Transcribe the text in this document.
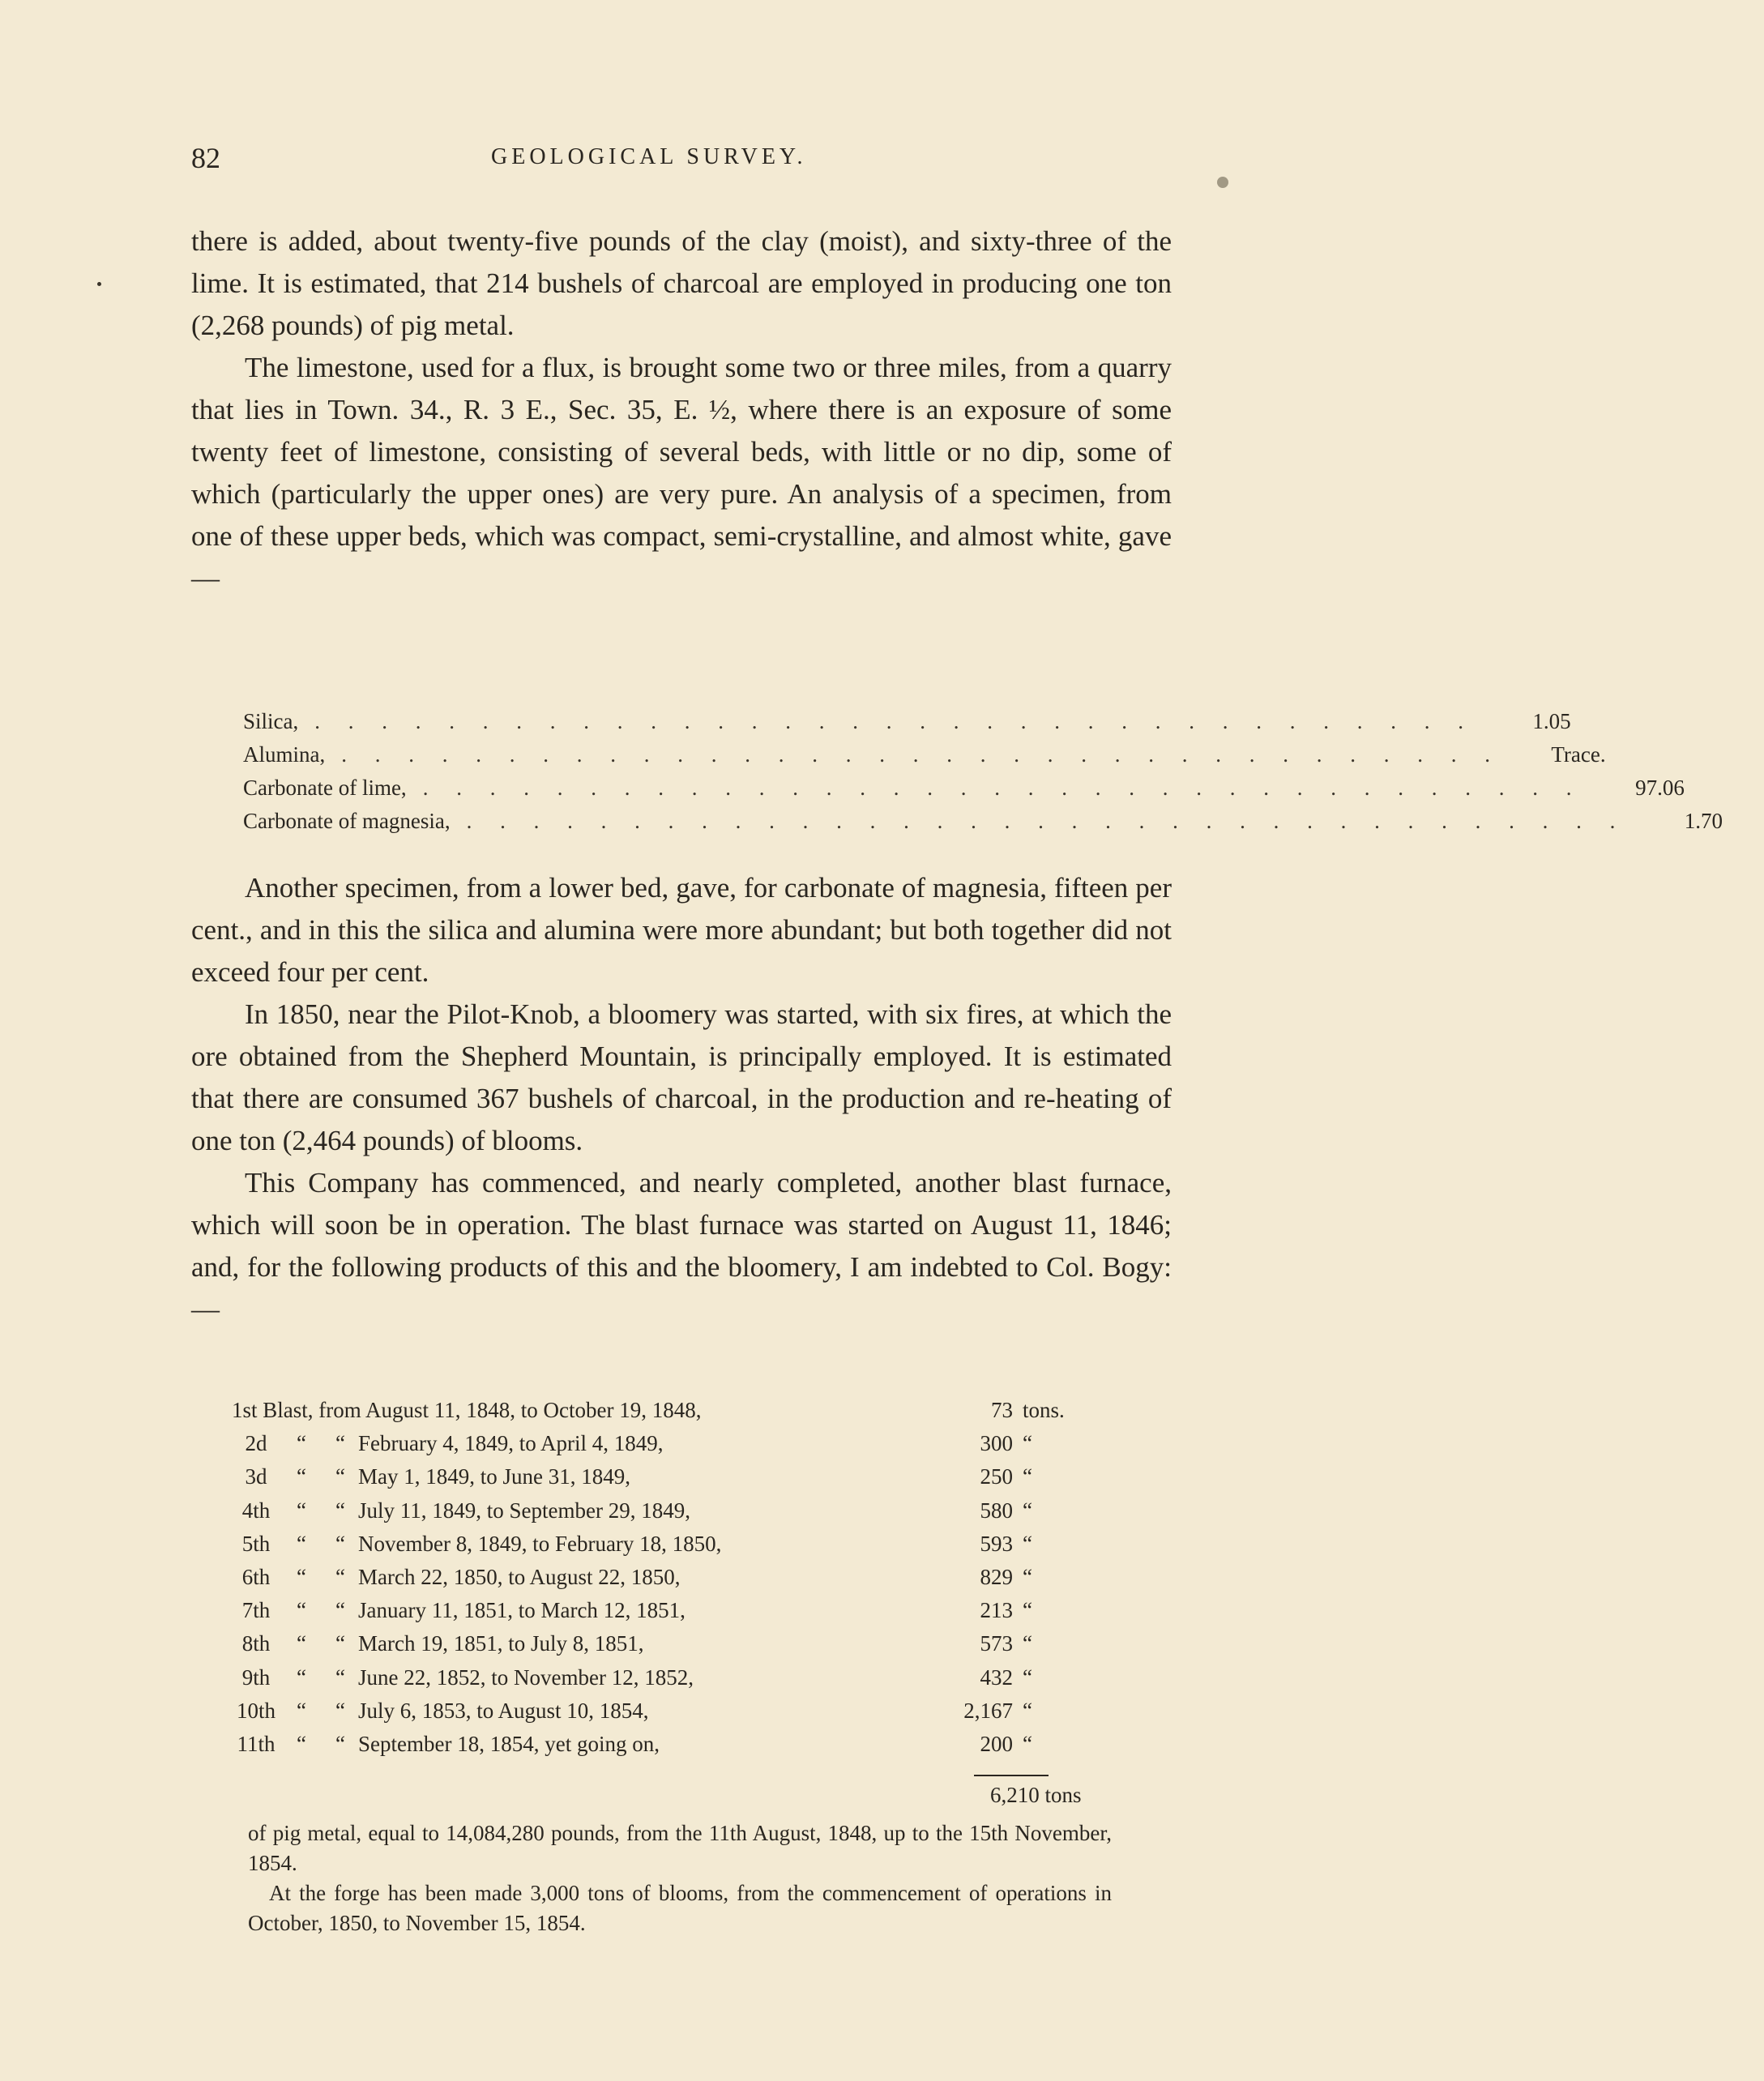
82	GEOLOGICAL SURVEY.

there is added, about twenty-five pounds of the clay (moist), and sixty-three of the lime. It is estimated, that 214 bushels of charcoal are employed in producing one ton (2,268 pounds) of pig metal.

The limestone, used for a flux, is brought some two or three miles, from a quarry that lies in Town. 34., R. 3 E., Sec. 35, E. ½, where there is an exposure of some twenty feet of limestone, consisting of several beds, with little or no dip, some of which (particularly the upper ones) are very pure. An analysis of a specimen, from one of these upper beds, which was compact, semi-crystalline, and almost white, gave —

Silica, . . . . . . . . . . . . . . . . . . . . . . . . . . . . . . . . . . .	1.05
Alumina, . . . . . . . . . . . . . . . . . . . . . . . . . . . . . . . . . . .	Trace.
Carbonate of lime, . . . . . . . . . . . . . . . . . . . . . . . . . . . . . . . . . . .	97.06
Carbonate of magnesia, . . . . . . . . . . . . . . . . . . . . . . . . . . . . . . . . . . .	1.70

Another specimen, from a lower bed, gave, for carbonate of magnesia, fifteen per cent., and in this the silica and alumina were more abundant; but both together did not exceed four per cent.

In 1850, near the Pilot-Knob, a bloomery was started, with six fires, at which the ore obtained from the Shepherd Mountain, is principally employed. It is estimated that there are consumed 367 bushels of charcoal, in the production and re-heating of one ton (2,464 pounds) of blooms.

This Company has commenced, and nearly completed, another blast furnace, which will soon be in operation. The blast furnace was started on August 11, 1846; and, for the following products of this and the bloomery, I am indebted to Col. Bogy: —

1st Blast, from August 11, 1848, to October 19, 1848,	73 tons.
2d	“	“ February 4, 1849, to April 4, 1849,	300 “
3d	“	“ May 1, 1849, to June 31, 1849,	250 “
4th	“	“ July 11, 1849, to September 29, 1849,	580 “
5th	“	“ November 8, 1849, to February 18, 1850,	593 “
6th	“	“ March 22, 1850, to August 22, 1850,	829 “
7th	“	“ January 11, 1851, to March 12, 1851,	213 “
8th	“	“ March 19, 1851, to July 8, 1851,	573 “
9th	“	“ June 22, 1852, to November 12, 1852,	432 “
10th “	“ July 6, 1853, to August 10, 1854,	2,167 “
11th “	“ September 18, 1854, yet going on,	200 “
6,210 tons

of pig metal, equal to 14,084,280 pounds, from the 11th August, 1848, up to the 15th November, 1854.

At the forge has been made 3,000 tons of blooms, from the commencement of operations in October, 1850, to November 15, 1854.
